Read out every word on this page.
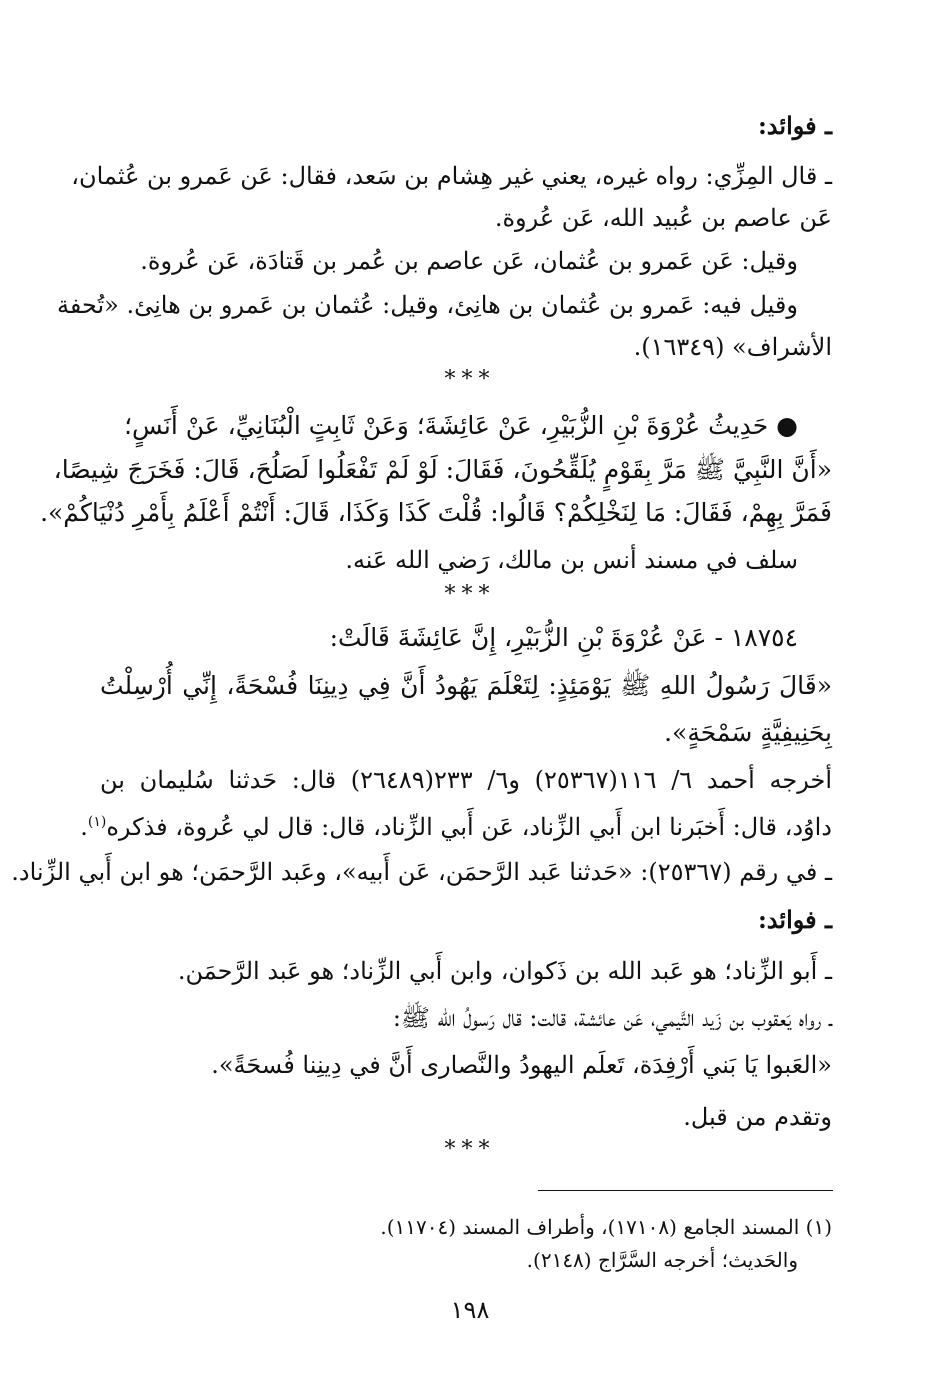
ـ فوائد:
ـ قال المِزِّي: رواه غيره، يعني غير هِشام بن سَعد، فقال: عَن عَمرو بن عُثمان،
عَن عاصم بن عُبيد الله، عَن عُروة.
وقيل: عَن عَمرو بن عُثمان، عَن عاصم بن عُمر بن قَتادَة، عَن عُروة.
وقيل فيه: عَمرو بن عُثمان بن هانِئ، وقيل: عُثمان بن عَمرو بن هانِئ. «تُحفة
الأشراف» (١٦٣٤٩).
***
● حَدِيثُ عُرْوَةَ بْنِ الزُّبَيْرِ، عَنْ عَائِشَةَ؛ وَعَنْ ثَابِتٍ الْبُنَانِيِّ، عَنْ أَنَسٍ؛
«أَنَّ النَّبِيَّ ﷺ مَرَّ بِقَوْمٍ يُلَقِّحُونَ، فَقَالَ: لَوْ لَمْ تَفْعَلُوا لَصَلُحَ، قَالَ: فَخَرَجَ شِيصًا،
فَمَرَّ بِهِمْ، فَقَالَ: مَا لِنَخْلِكُمْ؟ قَالُوا: قُلْتَ كَذَا وَكَذَا، قَالَ: أَنْتُمْ أَعْلَمُ بِأَمْرِ دُنْيَاكُمْ».
سلف في مسند أنس بن مالك، رَضي الله عَنه.
***
١٨٧٥٤ - عَنْ عُرْوَةَ بْنِ الزُّبَيْرِ، إِنَّ عَائِشَةَ قَالَتْ:
«قَالَ رَسُولُ اللهِ ﷺ يَوْمَئِذٍ: لِتَعْلَمَ يَهُودُ أَنَّ فِي دِينِنَا فُسْحَةً، إِنِّي أُرْسِلْتُ
بِحَنِيفِيَّةٍ سَمْحَةٍ».
أخرجه أحمد ٦/ ١١٦(٢٥٣٦٧) و٦/ ٢٣٣(٢٦٤٨٩) قال: حَدثنا سُليمان بن
داوُد، قال: أَخبَرنا ابن أَبي الزِّناد، عَن أَبي الزِّناد، قال: قال لي عُروة، فذكره$^{(١)}$.
ـ في رقم (٢٥٣٦٧): «حَدثنا عَبد الرَّحمَن، عَن أَبيه»، وعَبد الرَّحمَن؛ هو ابن أَبي الزِّناد.
ـ فوائد:
ـ أَبو الزِّناد؛ هو عَبد الله بن ذَكوان، وابن أَبي الزِّناد؛ هو عَبد الرَّحمَن.
ـ رواه يَعقوب بن زَيد التَّيمي، عَن عائشة، قالت: قال رَسولُ الله ﷺ:
«العَبوا يَا بَني أَرْفِدَة، تَعلَم اليهودُ والنَّصارى أَنَّ في دِينِنا فُسحَةً».
وتقدم من قبل.
***
(١) المسند الجامع (١٧١٠٨)، وأطراف المسند (١١٧٠٤).
والحَديث؛ أخرجه السَّرَّاج (٢١٤٨).
١٩٨
